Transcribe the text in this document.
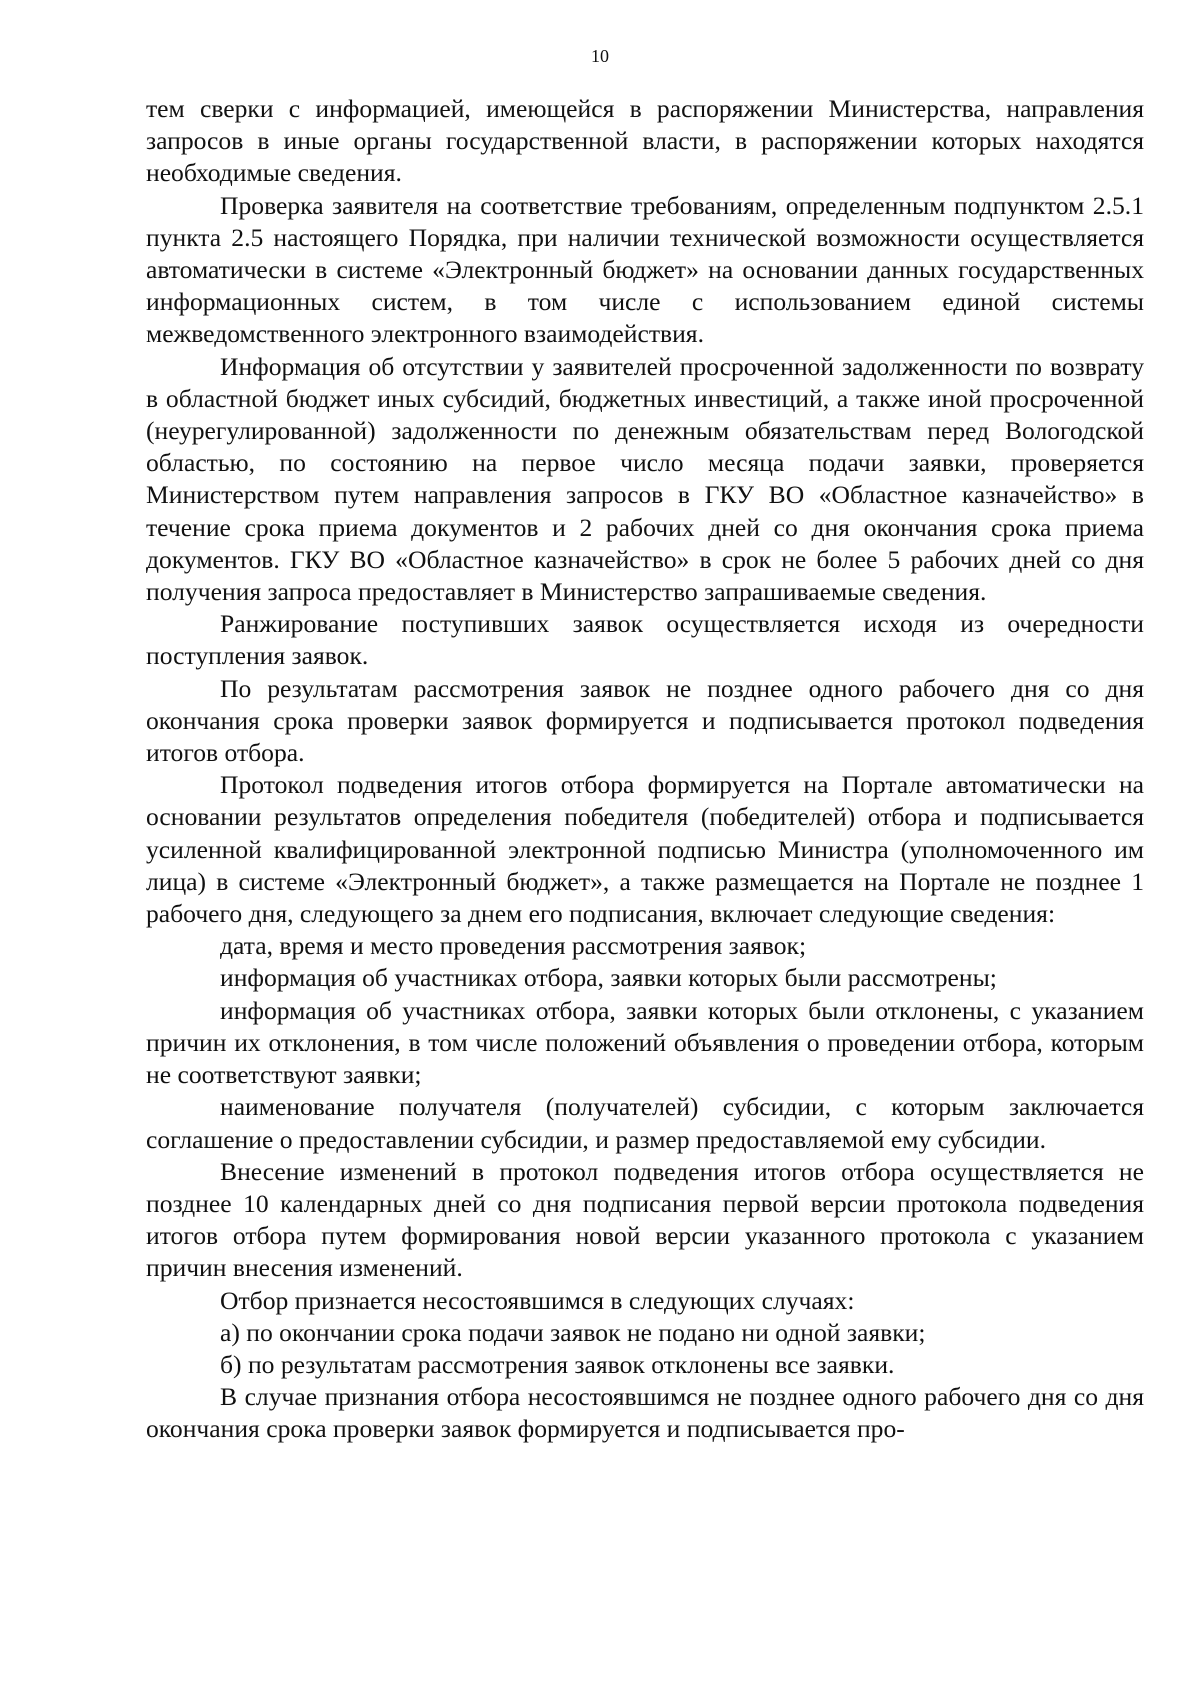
10

тем сверки с информацией, имеющейся в распоряжении Министерства, направления запросов в иные органы государственной власти, в распоряжении которых находятся необходимые сведения.

Проверка заявителя на соответствие требованиям, определенным подпунктом 2.5.1 пункта 2.5 настоящего Порядка, при наличии технической возможности осуществляется автоматически в системе «Электронный бюджет» на основании данных государственных информационных систем, в том числе с использованием единой системы межведомственного электронного взаимодействия.

Информация об отсутствии у заявителей просроченной задолженности по возврату в областной бюджет иных субсидий, бюджетных инвестиций, а также иной просроченной (неурегулированной) задолженности по денежным обязательствам перед Вологодской областью, по состоянию на первое число месяца подачи заявки, проверяется Министерством путем направления запросов в ГКУ ВО «Областное казначейство» в течение срока приема документов и 2 рабочих дней со дня окончания срока приема документов. ГКУ ВО «Областное казначейство» в срок не более 5 рабочих дней со дня получения запроса предоставляет в Министерство запрашиваемые сведения.

Ранжирование поступивших заявок осуществляется исходя из очередности поступления заявок.

По результатам рассмотрения заявок не позднее одного рабочего дня со дня окончания срока проверки заявок формируется и подписывается протокол подведения итогов отбора.

Протокол подведения итогов отбора формируется на Портале автоматически на основании результатов определения победителя (победителей) отбора и подписывается усиленной квалифицированной электронной подписью Министра (уполномоченного им лица) в системе «Электронный бюджет», а также размещается на Портале не позднее 1 рабочего дня, следующего за днем его подписания, включает следующие сведения:

дата, время и место проведения рассмотрения заявок;

информация об участниках отбора, заявки которых были рассмотрены;

информация об участниках отбора, заявки которых были отклонены, с указанием причин их отклонения, в том числе положений объявления о проведении отбора, которым не соответствуют заявки;

наименование получателя (получателей) субсидии, с которым заключается соглашение о предоставлении субсидии, и размер предоставляемой ему субсидии.

Внесение изменений в протокол подведения итогов отбора осуществляется не позднее 10 календарных дней со дня подписания первой версии протокола подведения итогов отбора путем формирования новой версии указанного протокола с указанием причин внесения изменений.

Отбор признается несостоявшимся в следующих случаях:

а) по окончании срока подачи заявок не подано ни одной заявки;

б) по результатам рассмотрения заявок отклонены все заявки.

В случае признания отбора несостоявшимся не позднее одного рабочего дня со дня окончания срока проверки заявок формируется и подписывается про-
